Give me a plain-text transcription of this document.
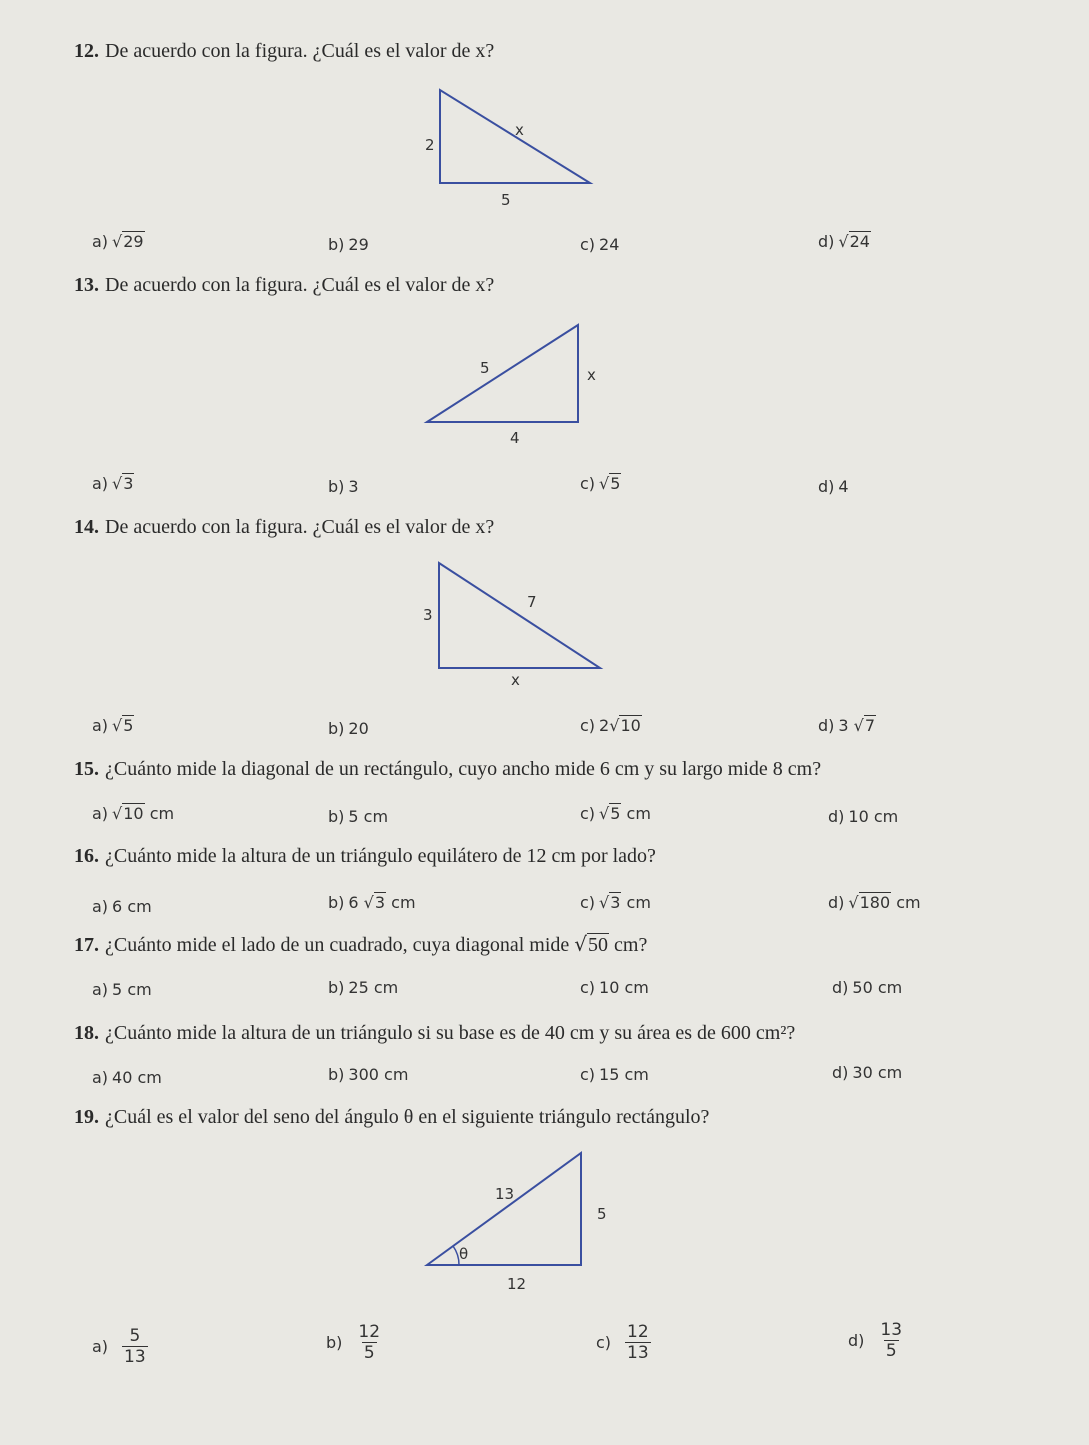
12. De acuerdo con la figura. ¿Cuál es el valor de x?
2
x
5
a) √29	b) 29	c) 24	d) √24
13. De acuerdo con la figura. ¿Cuál es el valor de x?
5	x
4
a) √3	b) 3	c) √5	d) 4
14. De acuerdo con la figura. ¿Cuál es el valor de x?
3
7
x
a) √5	b) 20	c) 2√10	d) 3 √7
15. ¿Cuánto mide la diagonal de un rectángulo, cuyo ancho mide 6 cm y su largo mide 8 cm?
a) √10 cm	b) 5 cm	c) √5 cm	d) 10 cm
16. ¿Cuánto mide la altura de un triángulo equilátero de 12 cm por lado?
a) 6 cm	b) 6 √3 cm	c) √3 cm	d) √180 cm
17. ¿Cuánto mide el lado de un cuadrado, cuya diagonal mide √50 cm?
a) 5 cm	b) 25 cm	c) 10 cm	d) 50 cm
18. ¿Cuánto mide la altura de un triángulo si su base es de 40 cm y su área es de 600 cm²?
a) 40 cm	b) 300 cm	c) 15 cm	d) 30 cm
19. ¿Cuál es el valor del seno del ángulo θ en el siguiente triángulo rectángulo?
13
5
θ
12
$a) \frac{5}{13}$	$b) \frac{12}{5}$	$c) \frac{12}{13}$	$d) \frac{13}{5}$
